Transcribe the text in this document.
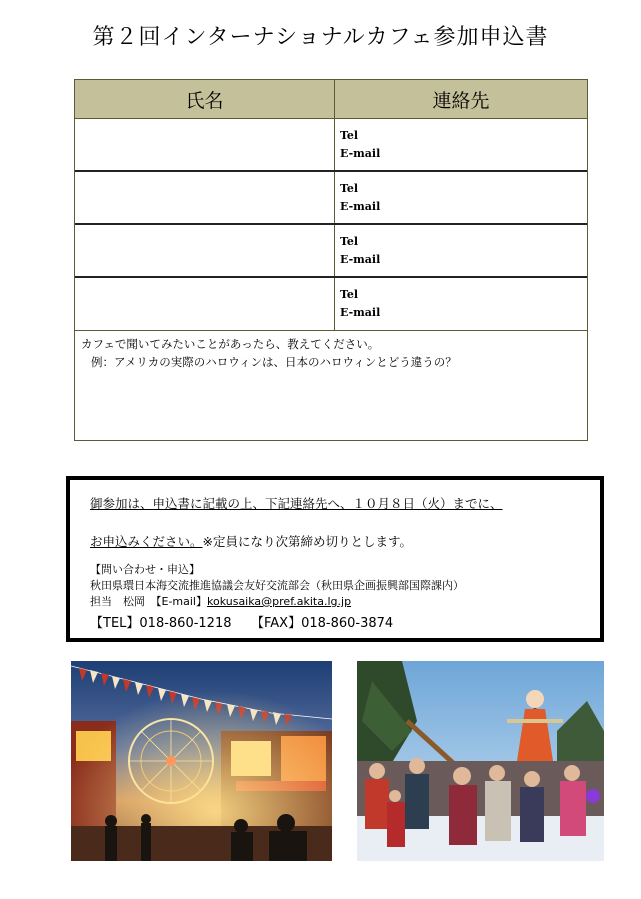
第２回インターナショナルカフェ参加申込書
氏名	連絡先
Tel
E-mail
Tel
E-mail
Tel
E-mail
Tel
E-mail
カフェで聞いてみたいことがあったら、教えてください。
例：アメリカの実際のハロウィンは、日本のハロウィンとどう違うの？
御参加は、申込書に記載の上、下記連絡先へ、１０月８日（火）までに、
お申込みください。※定員になり次第締め切りとします。
【問い合わせ・申込】
秋田県環日本海交流推進協議会友好交流部会（秋田県企画振興部国際課内）
担当　松岡　【E-mail】kokusaika@pref.akita.lg.jp
【TEL】018-860-1218　　【FAX】018-860-3874
